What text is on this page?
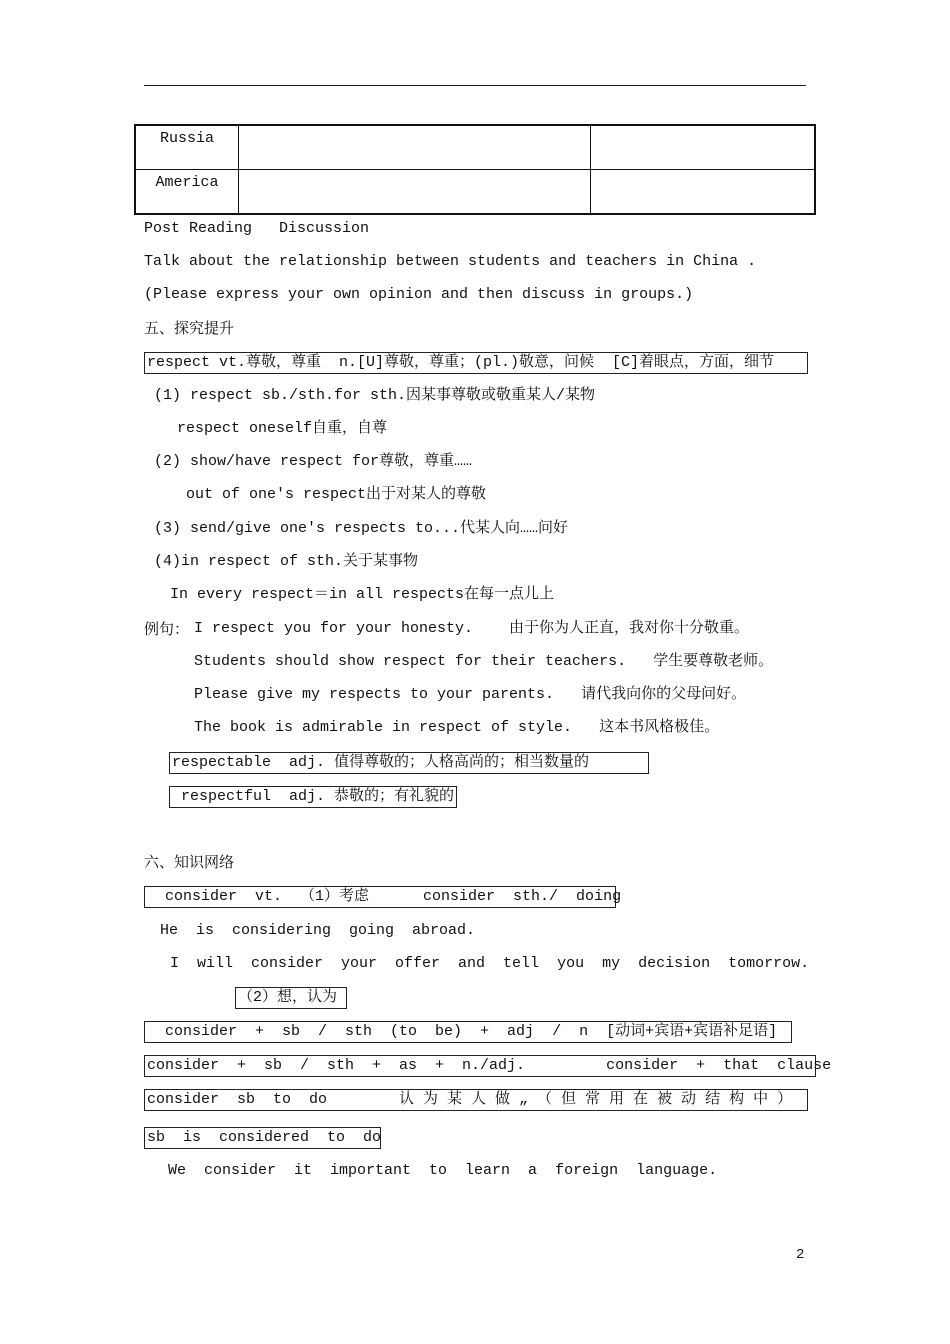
Russia		
America		
Post Reading   Discussion
Talk about the relationship between students and teachers in China .
(Please express your own opinion and then discuss in groups.)
五、探究提升
respect vt.尊敬，尊重  n.[U]尊敬，尊重；(pl.)敬意，问候  [C]着眼点，方面，细节
(1) respect sb./sth.for sth.因某事尊敬或敬重某人/某物
respect oneself自重，自尊
(2) show/have respect for尊敬，尊重……
out of one's respect出于对某人的尊敬
(3) send/give one's respects to...代某人向……问好
(4)in respect of sth.关于某事物
In every respect＝in all respects在每一点儿上
例句： I respect you for your honesty.    由于你为人正直，我对你十分敬重。
Students should show respect for their teachers.   学生要尊敬老师。
Please give my respects to your parents.   请代我向你的父母问好。
The book is admirable in respect of style.   这本书风格极佳。
respectable  adj. 值得尊敬的；人格高尚的；相当数量的
respectful  adj. 恭敬的；有礼貌的
六、知识网络
consider  vt.  （1）考虑      consider  sth./  doing
He  is  considering  going  abroad.
I  will  consider  your  offer  and  tell  you  my  decision  tomorrow.
（2）想，认为
consider  +  sb  /  sth  (to  be)  +  adj  /  n  [动词+宾语+宾语补足语]
consider  +  sb  /  sth  +  as  +  n./adj.         consider  +  that  clause
consider  sb  to  do        认 为 某 人 做 „ （ 但 常 用 在 被 动 结 构 中 ）
sb  is  considered  to  do
We  consider  it  important  to  learn  a  foreign  language.
2
